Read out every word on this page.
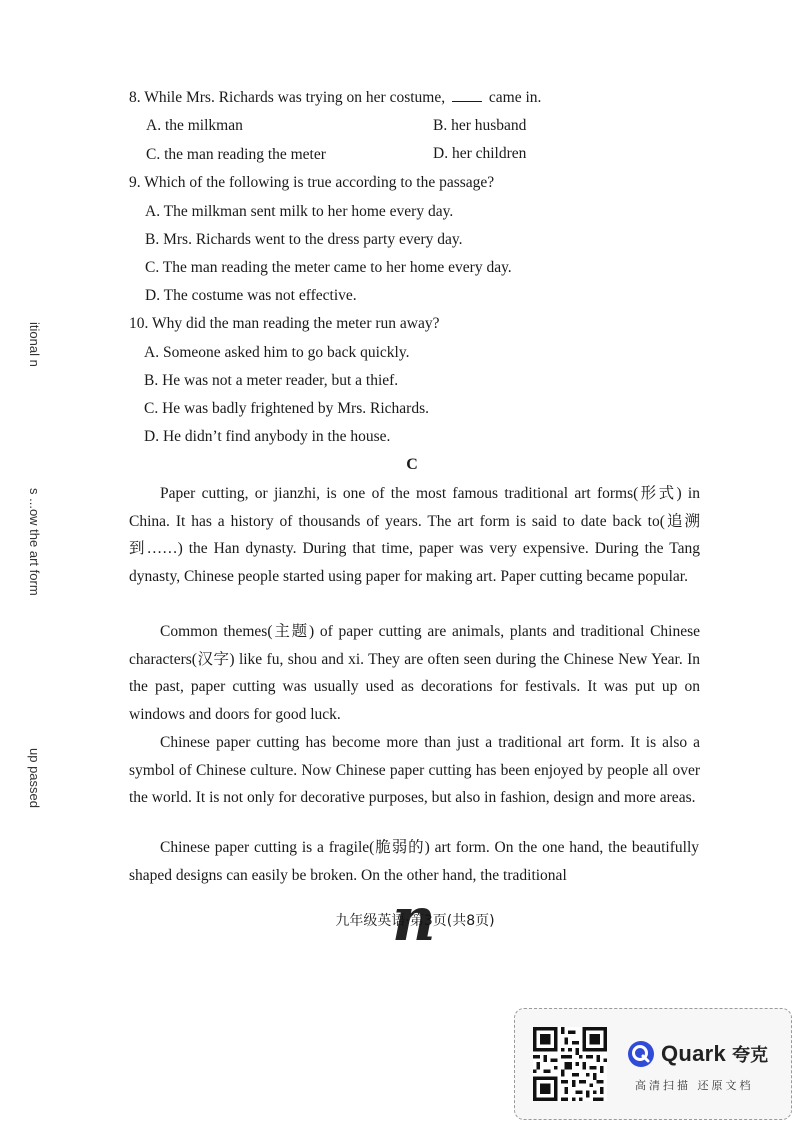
8. While Mrs. Richards was trying on her costume,  came in.
A. the milkman	B. her husband
C. the man reading the meter	D. her children
9. Which of the following is true according to the passage?
A. The milkman sent milk to her home every day.
B. Mrs. Richards went to the dress party every day.
C. The man reading the meter came to her home every day.
D. The costume was not effective.
10. Why did the man reading the meter run away?
A. Someone asked him to go back quickly.
B. He was not a meter reader, but a thief.
C. He was badly frightened by Mrs. Richards.
D. He didn’t find anybody in the house.
C

Paper cutting, or jianzhi, is one of the most famous traditional art forms(形式) in China. It has a history of thousands of years. The art form is said to date back to(追溯到……) the Han dynasty. During that time, paper was very expensive. During the Tang dynasty, Chinese people started using paper for making art. Paper cutting became popular.

Common themes(主题) of paper cutting are animals, plants and traditional Chinese characters(汉字) like fu, shou and xi. They are often seen during the Chinese New Year. In the past, paper cutting was usually used as decorations for festivals. It was put up on windows and doors for good luck.

Chinese paper cutting has become more than just a traditional art form. It is also a symbol of Chinese culture. Now Chinese paper cutting has been enjoyed by people all over the world. It is not only for decorative purposes, but also in fashion, design and more areas.

Chinese paper cutting is a fragile(脆弱的) art form. On the one hand, the beautifully shaped designs can easily be broken. On the other hand, the traditional

九年级英语·第3页(共8页)
n
itional n
s ...ow the art form
up passed
Quark 夸克
高清扫描 还原文档
